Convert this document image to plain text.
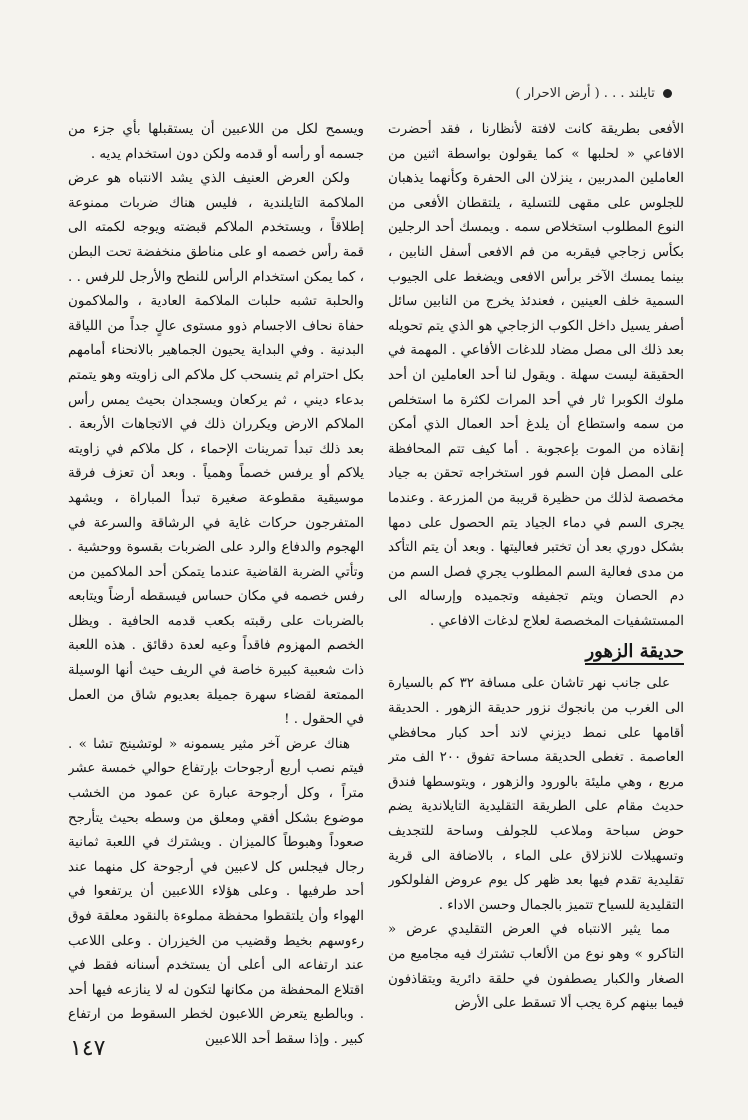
تايلند . . . ( أرض الاحرار )

الأفعى بطريقة كانت لافتة لأنظارنا ، فقد أحضرت الافاعي « لحلبها » كما يقولون بواسطة اثنين من العاملين المدربين ، ينزلان الى الحفرة وكأنهما يذهبان للجلوس على مقهى للتسلية ، يلتقطان الأفعى من النوع المطلوب استخلاص سمه . ويمسك أحد الرجلين بكأس زجاجي فيقربه من فم الافعى أسفل النابين ، بينما يمسك الآخر برأس الافعى ويضغط على الجيوب السمية خلف العينين ، فعندئذ يخرج من النابين سائل أصفر يسيل داخل الكوب الزجاجي هو الذي يتم تحويله بعد ذلك الى مصل مضاد للدغات الأفاعي . المهمة في الحقيقة ليست سهلة . ويقول لنا أحد العاملين ان أحد ملوك الكوبرا ثار في أحد المرات لكثرة ما استخلص من سمه واستطاع أن يلدغ أحد العمال الذي أمكن إنقاذه من الموت بإعجوبة . أما كيف تتم المحافظة على المصل فإن السم فور استخراجه تحقن به جياد مخصصة لذلك من حظيرة قريبة من المزرعة . وعندما يجرى السم في دماء الجياد يتم الحصول على دمها بشكل دوري بعد أن تختبر فعاليتها . وبعد أن يتم التأكد من مدى فعالية السم المطلوب يجري فصل السم من دم الحصان ويتم تجفيفه وتجميده وإرساله الى المستشفيات المخصصة لعلاج لدغات الافاعي .

حديقة الزهور

على جانب نهر تاشان على مسافة ٣٢ كم بالسيارة الى الغرب من بانجوك نزور حديقة الزهور . الحديقة أقامها على نمط ديزني لاند أحد كبار محافظي العاصمة . تغطى الحديقة مساحة تفوق ٢٠٠ الف متر مربع ، وهي مليئة بالورود والزهور ، ويتوسطها فندق حديث مقام على الطريقة التقليدية التايلاندية يضم حوض سباحة وملاعب للجولف وساحة للتجديف وتسهيلات للانزلاق على الماء ، بالاضافة الى قرية تقليدية تقدم فيها بعد ظهر كل يوم عروض الفلولكور التقليدية للسياح تتميز بالجمال وحسن الاداء .

مما يثير الانتباه في العرض التقليدي عرض « التاكرو » وهو نوع من الألعاب تشترك فيه مجاميع من الصغار والكبار يصطفون في حلقة دائرية ويتقاذفون فيما بينهم كرة يجب ألا تسقط على الأرض

ويسمح لكل من اللاعبين أن يستقبلها بأي جزء من جسمه أو رأسه أو قدمه ولكن دون استخدام يديه .

ولكن العرض العنيف الذي يشد الانتباه هو عرض الملاكمة التايلندية ، فليس هناك ضربات ممنوعة إطلاقاً ، ويستخدم الملاكم قبضته ويوجه لكمته الى قمة رأس خصمه او على مناطق منخفضة تحت البطن ، كما يمكن استخدام الرأس للنطح والأرجل للرفس . . والحلبة تشبه حلبات الملاكمة العادية ، والملاكمون حفاة نحاف الاجسام ذوو مستوى عالٍ جداً من اللياقة البدنية . وفي البداية يحيون الجماهير بالانحناء أمامهم بكل احترام ثم ينسحب كل ملاكم الى زاويته وهو يتمتم بدعاء ديني ، ثم يركعان ويسجدان بحيث يمس رأس الملاكم الارض ويكرران ذلك في الاتجاهات الأربعة . بعد ذلك تبدأ تمرينات الإحماء ، كل ملاكم في زاويته يلاكم أو يرفس خصماً وهمياً . وبعد أن تعزف فرقة موسيقية مقطوعة صغيرة تبدأ المباراة ، ويشهد المتفرجون حركات غاية في الرشاقة والسرعة في الهجوم والدفاع والرد على الضربات بقسوة ووحشية . وتأتي الضربة القاضية عندما يتمكن أحد الملاكمين من رفس خصمه في مكان حساس فيسقطه أرضاً ويتابعه بالضربات على رقبته بكعب قدمه الحافية . ويظل الخصم المهزوم فاقداً وعيه لعدة دقائق . هذه اللعبة ذات شعبية كبيرة خاصة في الريف حيث أنها الوسيلة الممتعة لقضاء سهرة جميلة بعديوم شاق من العمل في الحقول . !

هناك عرض آخر مثير يسمونه « لوتشينج تشا » . فيتم نصب أربع أرجوحات بإرتفاع حوالي خمسة عشر متراً ، وكل أرجوحة عبارة عن عمود من الخشب موضوع بشكل أفقي ومعلق من وسطه بحيث يتأرجح صعوداً وهبوطاً كالميزان . ويشترك في اللعبة ثمانية رجال فيجلس كل لاعبين في أرجوحة كل منهما عند أحد طرفيها . وعلى هؤلاء اللاعبين أن يرتفعوا في الهواء وأن يلتقطوا محفظة مملوءة بالنقود معلقة فوق رءوسهم بخيط وقضيب من الخيزران . وعلى اللاعب عند ارتفاعه الى أعلى أن يستخدم أسنانه فقط في اقتلاع المحفظة من مكانها لتكون له لا ينازعه فيها أحد . وبالطبع يتعرض اللاعبون لخطر السقوط من ارتفاع كبير . وإذا سقط أحد اللاعبين

١٤٧
